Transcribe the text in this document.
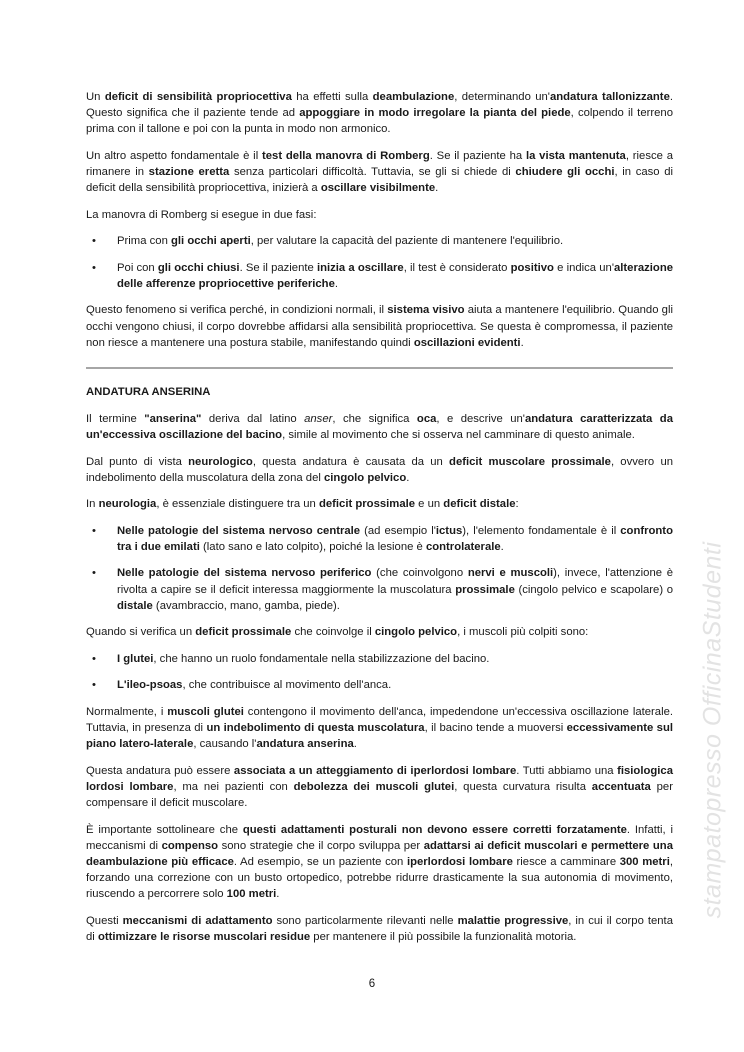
Un deficit di sensibilità propriocettiva ha effetti sulla deambulazione, determinando un'andatura tallonizzante. Questo significa che il paziente tende ad appoggiare in modo irregolare la pianta del piede, colpendo il terreno prima con il tallone e poi con la punta in modo non armonico.
Un altro aspetto fondamentale è il test della manovra di Romberg. Se il paziente ha la vista mantenuta, riesce a rimanere in stazione eretta senza particolari difficoltà. Tuttavia, se gli si chiede di chiudere gli occhi, in caso di deficit della sensibilità propriocettiva, inizierà a oscillare visibilmente.
La manovra di Romberg si esegue in due fasi:
• Prima con gli occhi aperti, per valutare la capacità del paziente di mantenere l'equilibrio.
• Poi con gli occhi chiusi. Se il paziente inizia a oscillare, il test è considerato positivo e indica un'alterazione delle afferenze propriocettive periferiche.
Questo fenomeno si verifica perché, in condizioni normali, il sistema visivo aiuta a mantenere l'equilibrio. Quando gli occhi vengono chiusi, il corpo dovrebbe affidarsi alla sensibilità propriocettiva. Se questa è compromessa, il paziente non riesce a mantenere una postura stabile, manifestando quindi oscillazioni evidenti.
ANDATURA ANSERINA
Il termine "anserina" deriva dal latino anser, che significa oca, e descrive un'andatura caratterizzata da un'eccessiva oscillazione del bacino, simile al movimento che si osserva nel camminare di questo animale.
Dal punto di vista neurologico, questa andatura è causata da un deficit muscolare prossimale, ovvero un indebolimento della muscolatura della zona del cingolo pelvico.
In neurologia, è essenziale distinguere tra un deficit prossimale e un deficit distale:
• Nelle patologie del sistema nervoso centrale (ad esempio l'ictus), l'elemento fondamentale è il confronto tra i due emilati (lato sano e lato colpito), poiché la lesione è controlaterale.
• Nelle patologie del sistema nervoso periferico (che coinvolgono nervi e muscoli), invece, l'attenzione è rivolta a capire se il deficit interessa maggiormente la muscolatura prossimale (cingolo pelvico e scapolare) o distale (avambraccio, mano, gamba, piede).
Quando si verifica un deficit prossimale che coinvolge il cingolo pelvico, i muscoli più colpiti sono:
• I glutei, che hanno un ruolo fondamentale nella stabilizzazione del bacino.
• L'ileo-psoas, che contribuisce al movimento dell'anca.
Normalmente, i muscoli glutei contengono il movimento dell'anca, impedendone un'eccessiva oscillazione laterale. Tuttavia, in presenza di un indebolimento di questa muscolatura, il bacino tende a muoversi eccessivamente sul piano latero-laterale, causando l'andatura anserina.
Questa andatura può essere associata a un atteggiamento di iperlordosi lombare. Tutti abbiamo una fisiologica lordosi lombare, ma nei pazienti con debolezza dei muscoli glutei, questa curvatura risulta accentuata per compensare il deficit muscolare.
È importante sottolineare che questi adattamenti posturali non devono essere corretti forzatamente. Infatti, i meccanismi di compenso sono strategie che il corpo sviluppa per adattarsi ai deficit muscolari e permettere una deambulazione più efficace. Ad esempio, se un paziente con iperlordosi lombare riesce a camminare 300 metri, forzando una correzione con un busto ortopedico, potrebbe ridurre drasticamente la sua autonomia di movimento, riuscendo a percorrere solo 100 metri.
Questi meccanismi di adattamento sono particolarmente rilevanti nelle malattie progressive, in cui il corpo tenta di ottimizzare le risorse muscolari residue per mantenere il più possibile la funzionalità motoria.
6
stampatopresso OfficinaStudenti
